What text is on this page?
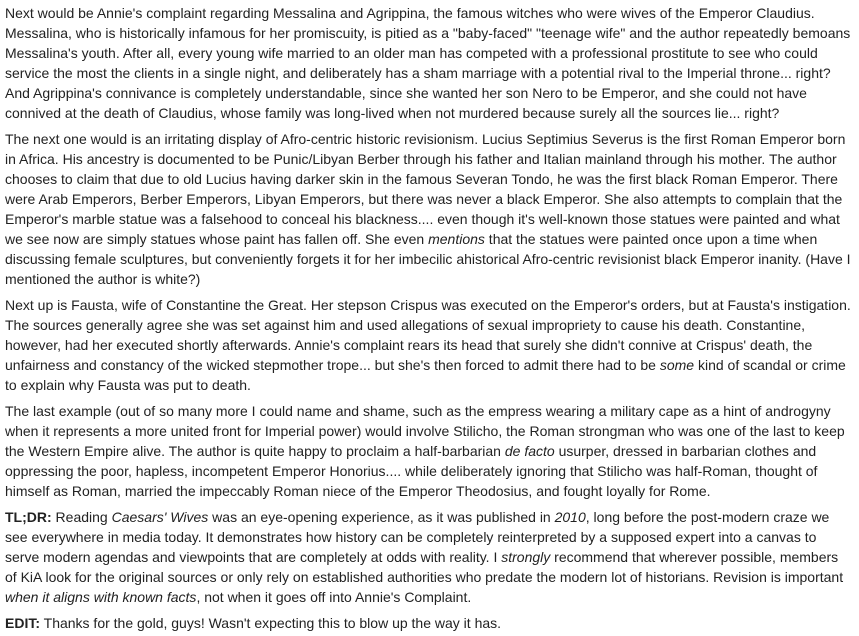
Next would be Annie's complaint regarding Messalina and Agrippina, the famous witches who were wives of the Emperor Claudius. Messalina, who is historically infamous for her promiscuity, is pitied as a "baby-faced" "teenage wife" and the author repeatedly bemoans Messalina's youth. After all, every young wife married to an older man has competed with a professional prostitute to see who could service the most the clients in a single night, and deliberately has a sham marriage with a potential rival to the Imperial throne... right? And Agrippina's connivance is completely understandable, since she wanted her son Nero to be Emperor, and she could not have connived at the death of Claudius, whose family was long-lived when not murdered because surely all the sources lie... right?

The next one would is an irritating display of Afro-centric historic revisionism. Lucius Septimius Severus is the first Roman Emperor born in Africa. His ancestry is documented to be Punic/Libyan Berber through his father and Italian mainland through his mother. The author chooses to claim that due to old Lucius having darker skin in the famous Severan Tondo, he was the first black Roman Emperor. There were Arab Emperors, Berber Emperors, Libyan Emperors, but there was never a black Emperor. She also attempts to complain that the Emperor's marble statue was a falsehood to conceal his blackness.... even though it's well-known those statues were painted and what we see now are simply statues whose paint has fallen off. She even mentions that the statues were painted once upon a time when discussing female sculptures, but conveniently forgets it for her imbecilic ahistorical Afro-centric revisionist black Emperor inanity. (Have I mentioned the author is white?)

Next up is Fausta, wife of Constantine the Great. Her stepson Crispus was executed on the Emperor's orders, but at Fausta's instigation. The sources generally agree she was set against him and used allegations of sexual impropriety to cause his death. Constantine, however, had her executed shortly afterwards. Annie's complaint rears its head that surely she didn't connive at Crispus' death, the unfairness and constancy of the wicked stepmother trope... but she's then forced to admit there had to be some kind of scandal or crime to explain why Fausta was put to death.

The last example (out of so many more I could name and shame, such as the empress wearing a military cape as a hint of androgyny when it represents a more united front for Imperial power) would involve Stilicho, the Roman strongman who was one of the last to keep the Western Empire alive. The author is quite happy to proclaim a half-barbarian de facto usurper, dressed in barbarian clothes and oppressing the poor, hapless, incompetent Emperor Honorius.... while deliberately ignoring that Stilicho was half-Roman, thought of himself as Roman, married the impeccably Roman niece of the Emperor Theodosius, and fought loyally for Rome.

TL;DR: Reading Caesars' Wives was an eye-opening experience, as it was published in 2010, long before the post-modern craze we see everywhere in media today. It demonstrates how history can be completely reinterpreted by a supposed expert into a canvas to serve modern agendas and viewpoints that are completely at odds with reality. I strongly recommend that wherever possible, members of KiA look for the original sources or only rely on established authorities who predate the modern lot of historians. Revision is important when it aligns with known facts, not when it goes off into Annie's Complaint.

EDIT: Thanks for the gold, guys! Wasn't expecting this to blow up the way it has.
